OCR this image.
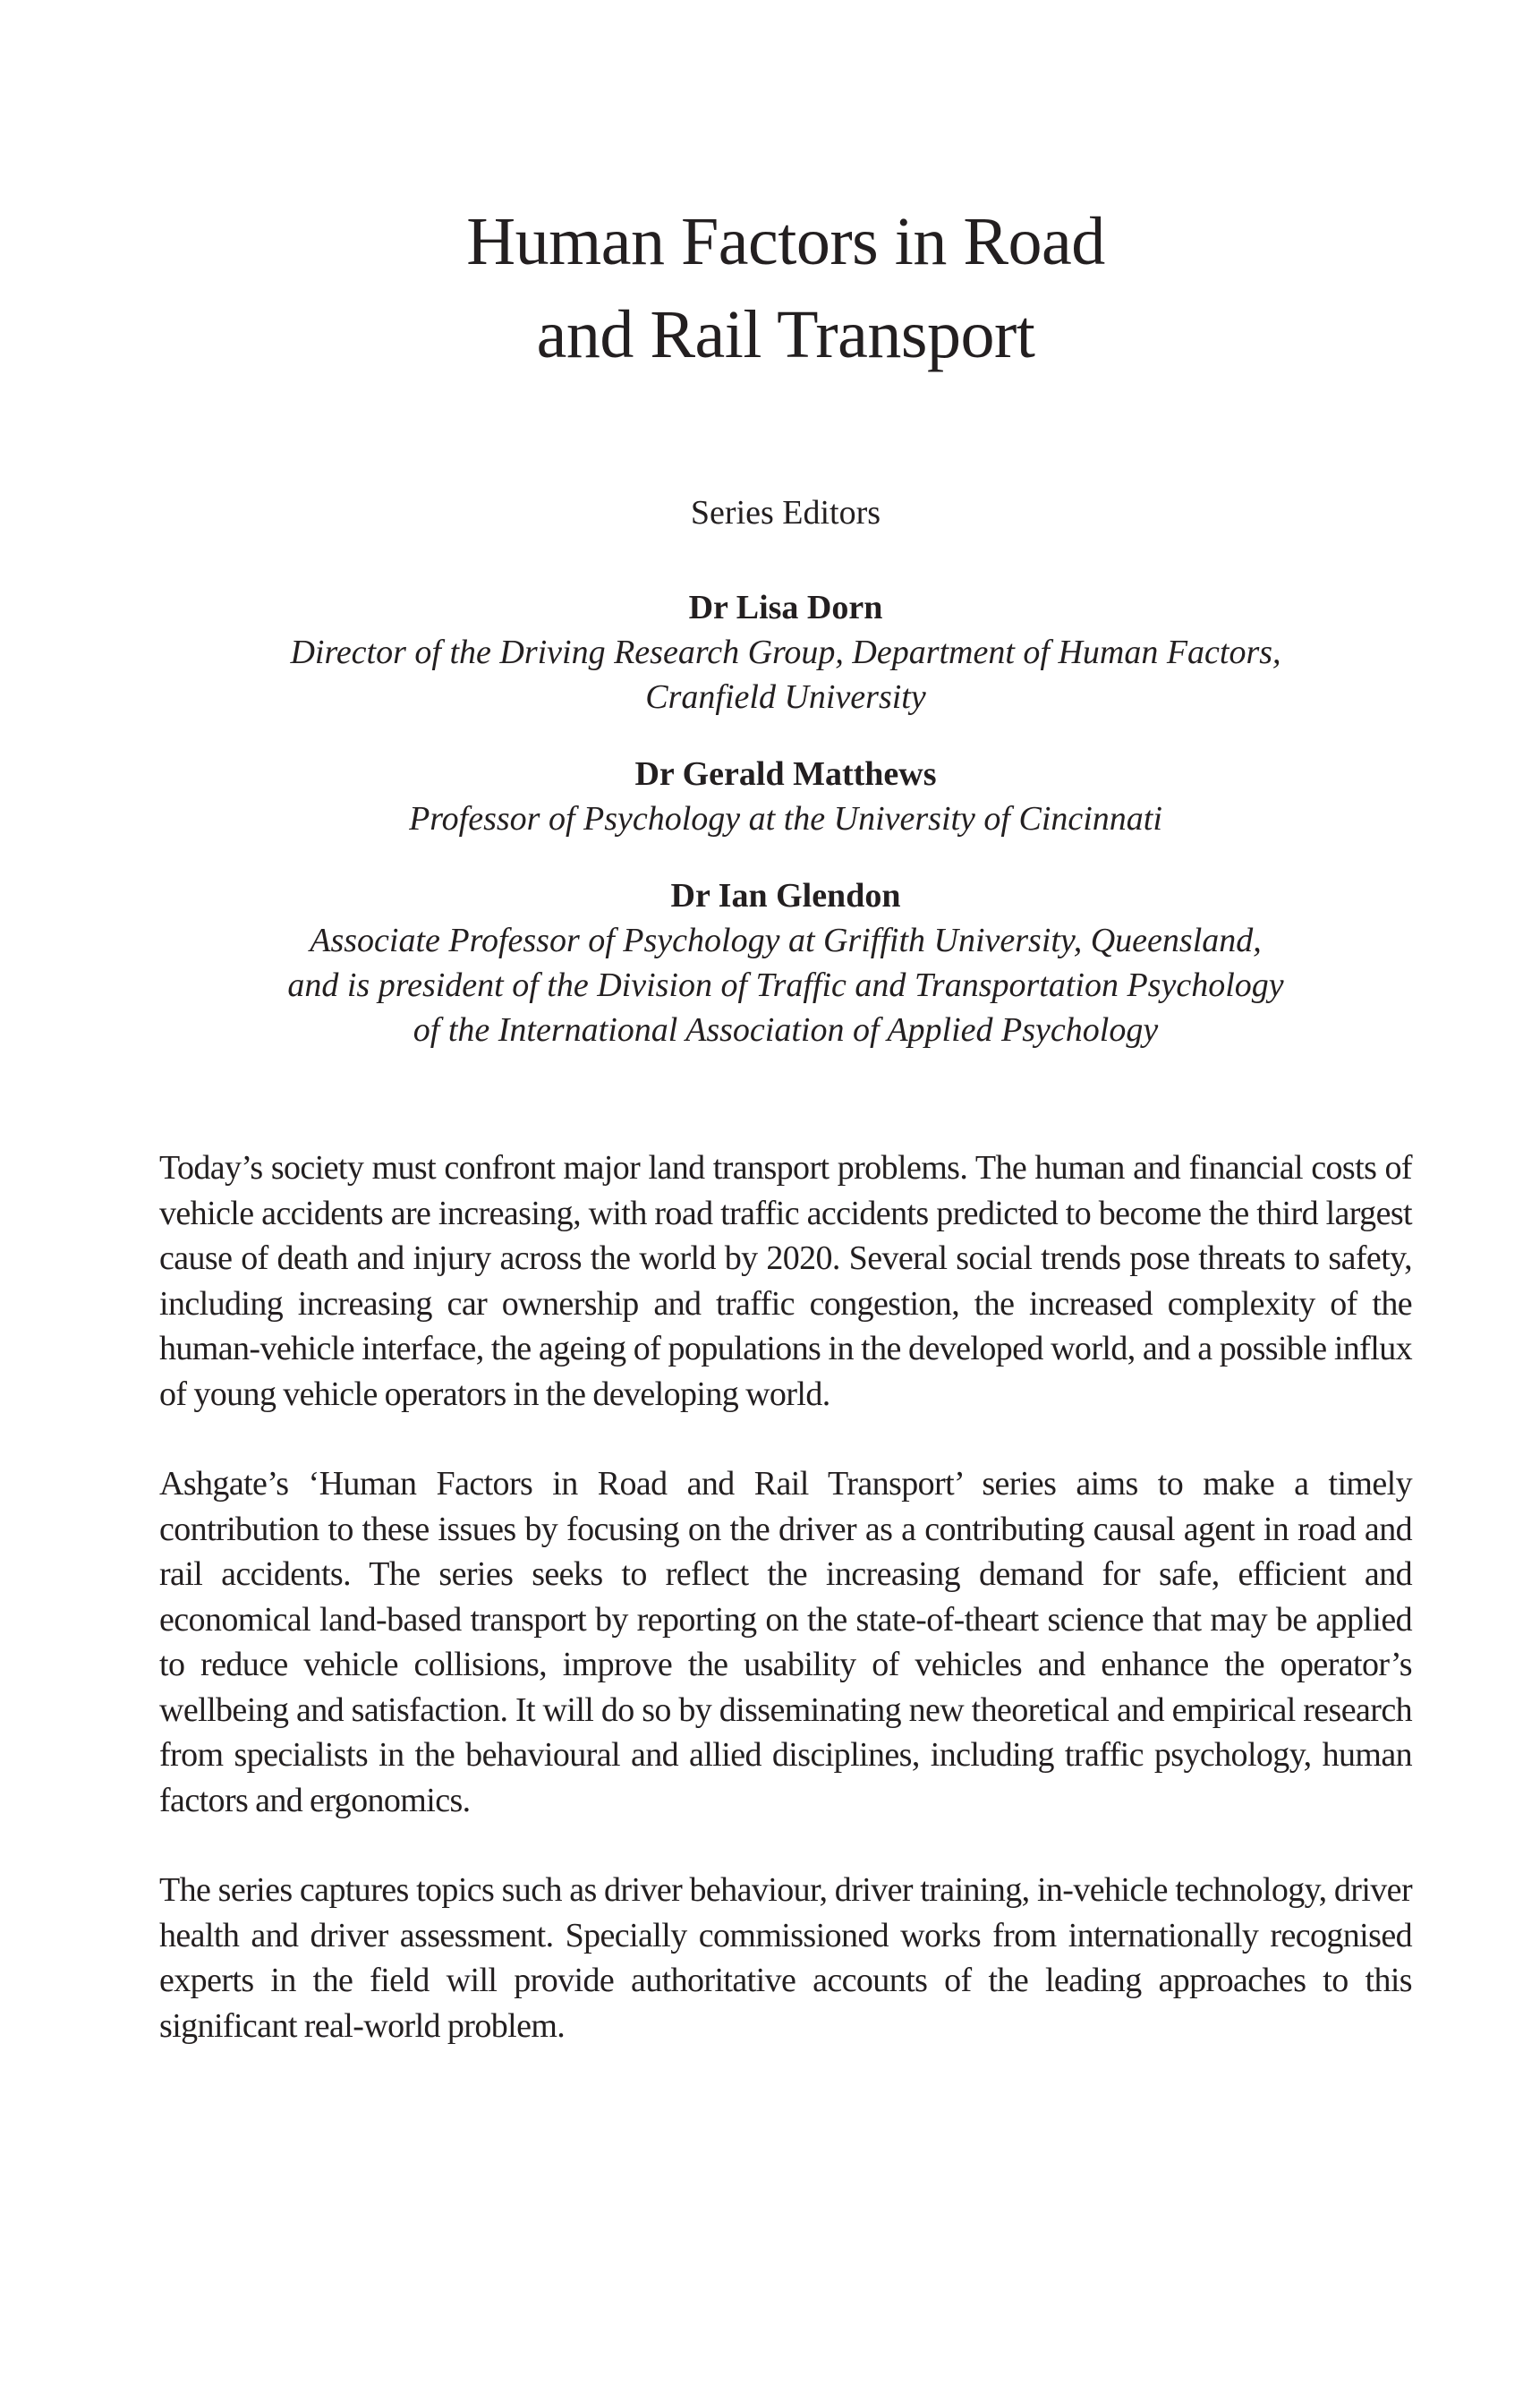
Human Factors in Road
and Rail Transport

Series Editors

Dr Lisa Dorn
Director of the Driving Research Group, Department of Human Factors,
Cranfield University
Dr Gerald Matthews
Professor of Psychology at the University of Cincinnati
Dr Ian Glendon
Associate Professor of Psychology at Griffith University, Queensland,
and is president of the Division of Traffic and Transportation Psychology
of the International Association of Applied Psychology

Today’s society must confront major land transport problems. The human and financial costs of vehicle accidents are increasing, with road traffic accidents predicted to become the third largest cause of death and injury across the world by 2020. Several social trends pose threats to safety, including increasing car ownership and traffic congestion, the increased complexity of the human-vehicle interface, the ageing of populations in the developed world, and a possible influx of young vehicle operators in the developing world.

Ashgate’s ‘Human Factors in Road and Rail Transport’ series aims to make a timely contribution to these issues by focusing on the driver as a contributing causal agent in road and rail accidents. The series seeks to reflect the increasing demand for safe, efficient and economical land-based transport by reporting on the state-of-theart science that may be applied to reduce vehicle collisions, improve the usability of vehicles and enhance the operator’s wellbeing and satisfaction. It will do so by disseminating new theoretical and empirical research from specialists in the behavioural and allied disciplines, including traffic psychology, human factors and ergonomics.

The series captures topics such as driver behaviour, driver training, in-vehicle technology, driver health and driver assessment. Specially commissioned works from internationally recognised experts in the field will provide authoritative accounts of the leading approaches to this significant real-world problem.
